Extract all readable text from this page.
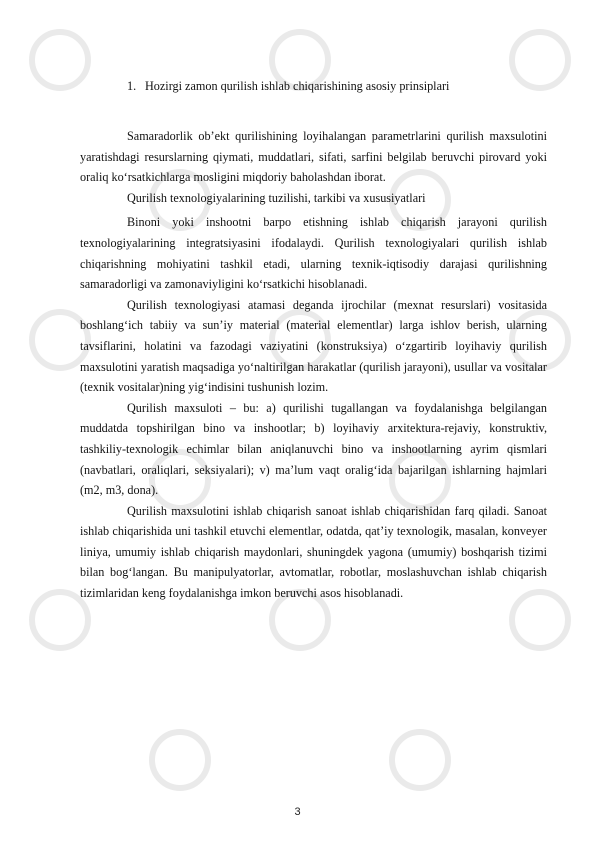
1. Hozirgi zamon qurilish ishlab chiqarishining asosiy prinsiplari

Samaradorlik ob’ekt qurilishining loyihalangan parametrlarini qurilish maxsulotini yaratishdagi resurslarning qiymati, muddatlari, sifati, sarfini belgilab beruvchi pirovard yoki oraliq ko‘rsatkichlarga mosligini miqdoriy baholashdan iborat.

Qurilish texnologiyalarining tuzilishi, tarkibi va xususiyatlari

Binoni yoki inshootni barpo etishning ishlab chiqarish jarayoni qurilish texnologiyalarining integratsiyasini ifodalaydi. Qurilish texnologiyalari qurilish ishlab chiqarishning mohiyatini tashkil etadi, ularning texnik-iqtisodiy darajasi qurilishning samaradorligi va zamonaviyligini ko‘rsatkichi hisoblanadi.

Qurilish texnologiyasi atamasi deganda ijrochilar (mexnat resurslari) vositasida boshlang‘ich tabiiy va sun’iy material (material elementlar) larga ishlov berish, ularning tavsiflarini, holatini va fazodagi vaziyatini (konstruksiya) o‘zgartirib loyihaviy qurilish maxsulotini yaratish maqsadiga yo‘naltirilgan harakatlar (qurilish jarayoni), usullar va vositalar (texnik vositalar)ning yig‘indisini tushunish lozim.

Qurilish maxsuloti – bu: a) qurilishi tugallangan va foydalanishga belgilangan muddatda topshirilgan bino va inshootlar; b) loyihaviy arxitektura-rejaviy, konstruktiv, tashkiliy-texnologik echimlar bilan aniqlanuvchi bino va inshootlarning ayrim qismlari (navbatlari, oraliqlari, seksiyalari); v) ma’lum vaqt oralig‘ida bajarilgan ishlarning hajmlari (m2, m3, dona).

Qurilish maxsulotini ishlab chiqarish sanoat ishlab chiqarishidan farq qiladi. Sanoat ishlab chiqarishida uni tashkil etuvchi elementlar, odatda, qat’iy texnologik, masalan, konveyer liniya, umumiy ishlab chiqarish maydonlari, shuningdek yagona (umumiy) boshqarish tizimi bilan bog‘langan. Bu manipulyatorlar, avtomatlar, robotlar, moslashuvchan ishlab chiqarish tizimlaridan keng foydalanishga imkon beruvchi asos hisoblanadi.

3
